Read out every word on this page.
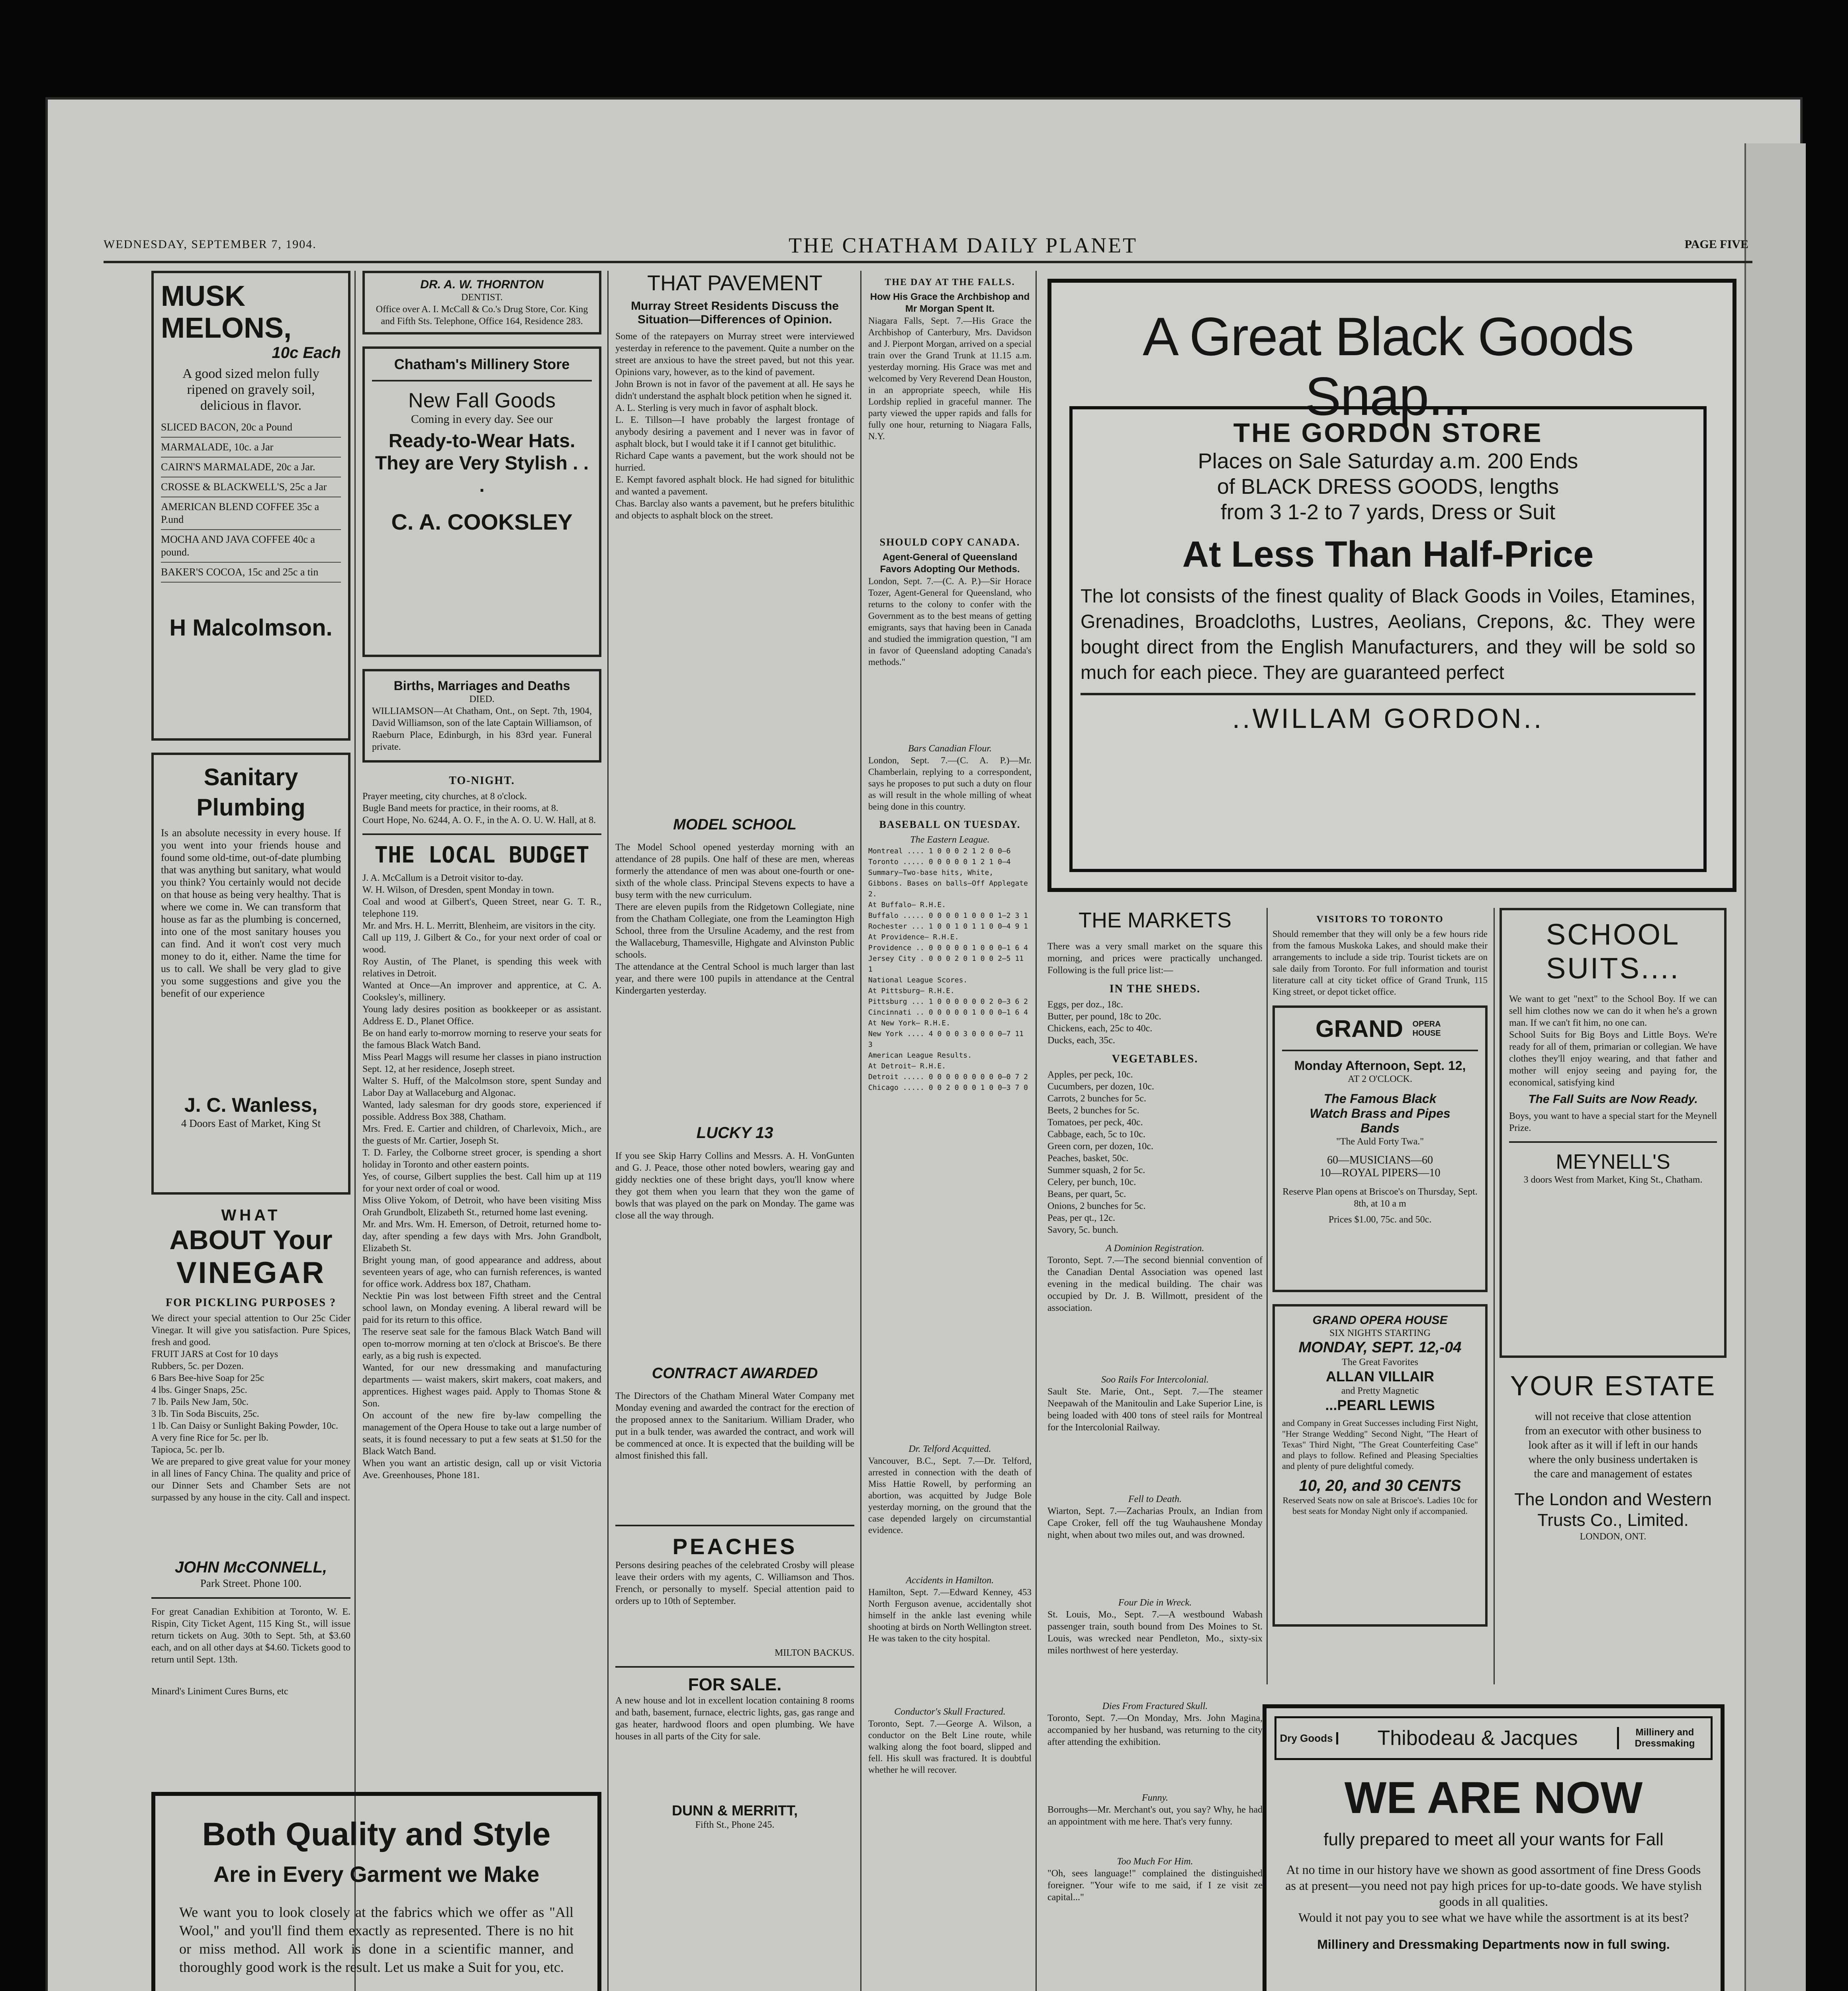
WEDNESDAY, SEPTEMBER 7, 1904.	THE CHATHAM DAILY PLANET	PAGE FIVE
MUSK MELONS,
10c Each
A good sized melon fully ripened on gravely soil, delicious in flavor.
SLICED BACON, 20c a Pound
MARMALADE, 10c. a Jar
CAIRN'S MARMALADE, 20c a Jar.
CROSSE & BLACKWELL'S, 25c a Jar
AMERICAN BLEND COFFEE 35c a P.und
MOCHA AND JAVA COFFEE 40c a pound.
BAKER'S COCOA, 15c and 25c a tin
H Malcolmson.
Sanitary Plumbing
Is an absolute necessity in every house. If you went into your friends house and found some old-time, out-of-date plumbing that was anything but sanitary, what would you think? You certainly would not decide on that house as being very healthy. That is where we come in. We can transform that house as far as the plumbing is concerned, into one of the most sanitary houses you can find. And it won't cost very much money to do it, either. Name the time for us to call. We shall be very glad to give you some suggestions and give you the benefit of our experience
J. C. Wanless,
4 Doors East of Market, King St
WHAT
ABOUT Your
VINEGAR
FOR PICKLING PURPOSES ?
We direct your special attention to Our 25c Cider Vinegar. It will give you satisfaction. Pure Spices, fresh and good.
FRUIT JARS at Cost for 10 days
Rubbers, 5c. per Dozen.
6 Bars Bee-hive Soap for 25c
4 lbs. Ginger Snaps, 25c.
7 lb. Pails New Jam, 50c.
3 lb. Tin Soda Biscuits, 25c.
1 lb. Can Daisy or Sunlight Baking Powder, 10c.
A very fine Rice for 5c. per lb.
Tapioca, 5c. per lb.
We are prepared to give great value for your money in all lines of Fancy China. The quality and price of our Dinner Sets and Chamber Sets are not surpassed by any house in the city. Call and inspect.
JOHN McCONNELL,
Park Street. Phone 100.
For great Canadian Exhibition at Toronto, W. E. Rispin, City Ticket Agent, 115 King St., will issue return tickets on Aug. 30th to Sept. 5th, at $3.60 each, and on all other days at $4.60. Tickets good to return until Sept. 13th.
Minard's Liniment Cures Burns, etc
Both Quality and Style
Are in Every Garment we Make
We want you to look closely at the fabrics which we offer as "All Wool," and you'll find them exactly as represented. There is no hit or miss method. All work is done in a scientific manner, and thoroughly good work is the result. Let us make a Suit for you, etc.
DR. A. W. THORNTON
DENTIST.
Office over A. I. McCall & Co.'s Drug Store, Cor. King and Fifth Sts. Telephone, Office 164, Residence 283.
Chatham's Millinery Store
New Fall Goods
Coming in every day. See our
Ready-to-Wear Hats. They are Very Stylish . . .
C. A. COOKSLEY
Births, Marriages and Deaths
DIED.
WILLIAMSON—At Chatham, Ont., on Sept. 7th, 1904, David Williamson, son of the late Captain Williamson, of Raeburn Place, Edinburgh, in his 83rd year. Funeral private.
TO-NIGHT.
Prayer meeting, city churches, at 8 o'clock.
Bugle Band meets for practice, in their rooms, at 8.
Court Hope, No. 6244, A. O. F., in the A. O. U. W. Hall, at 8.
THE LOCAL BUDGET
J. A. McCallum is a Detroit visitor to-day.
W. H. Wilson, of Dresden, spent Monday in town.
Coal and wood at Gilbert's, Queen Street, near G. T. R., telephone 119.
Mr. and Mrs. H. L. Merritt, Blenheim, are visitors in the city.
Call up 119, J. Gilbert & Co., for your next order of coal or wood.
Roy Austin, of The Planet, is spending this week with relatives in Detroit.
Wanted at Once—An improver and apprentice, at C. A. Cooksley's, millinery.
Young lady desires position as bookkeeper or as assistant. Address E. D., Planet Office.
Be on hand early to-morrow morning to reserve your seats for the famous Black Watch Band.
Miss Pearl Maggs will resume her classes in piano instruction Sept. 12, at her residence, Joseph street.
Walter S. Huff, of the Malcolmson store, spent Sunday and Labor Day at Wallaceburg and Algonac.
Wanted, lady salesman for dry goods store, experienced if possible. Address Box 388, Chatham.
Mrs. Fred. E. Cartier and children, of Charlevoix, Mich., are the guests of Mr. Cartier, Joseph St.
T. D. Farley, the Colborne street grocer, is spending a short holiday in Toronto and other eastern points.
Yes, of course, Gilbert supplies the best. Call him up at 119 for your next order of coal or wood.
Miss Olive Yokom, of Detroit, who have been visiting Miss Orah Grundbolt, Elizabeth St., returned home last evening.
Mr. and Mrs. Wm. H. Emerson, of Detroit, returned home to-day, after spending a few days with Mrs. John Grandbolt, Elizabeth St.
Bright young man, of good appearance and address, about seventeen years of age, who can furnish references, is wanted for office work. Address box 187, Chatham.
Necktie Pin was lost between Fifth street and the Central school lawn, on Monday evening. A liberal reward will be paid for its return to this office.
The reserve seat sale for the famous Black Watch Band will open to-morrow morning at ten o'clock at Briscoe's. Be there early, as a big rush is expected.
Wanted, for our new dressmaking and manufacturing departments — waist makers, skirt makers, coat makers, and apprentices. Highest wages paid. Apply to Thomas Stone & Son.
On account of the new fire by-law compelling the management of the Opera House to take out a large number of seats, it is found necessary to put a few seats at $1.50 for the Black Watch Band.
When you want an artistic design, call up or visit Victoria Ave. Greenhouses, Phone 181.
THAT PAVEMENT
Murray Street Residents Discuss the Situation—Differences of Opinion.
Some of the ratepayers on Murray street were interviewed yesterday in reference to the pavement. Quite a number on the street are anxious to have the street paved, but not this year. Opinions vary, however, as to the kind of pavement.
John Brown is not in favor of the pavement at all. He says he didn't understand the asphalt block petition when he signed it.
A. L. Sterling is very much in favor of asphalt block.
L. E. Tillson—I have probably the largest frontage of anybody desiring a pavement and I never was in favor of asphalt block, but I would take it if I cannot get bitulithic.
Richard Cape wants a pavement, but the work should not be hurried.
E. Kempt favored asphalt block. He had signed for bitulithic and wanted a pavement.
Chas. Barclay also wants a pavement, but he prefers bitulithic and objects to asphalt block on the street.
MODEL SCHOOL
The Model School opened yesterday morning with an attendance of 28 pupils. One half of these are men, whereas formerly the attendance of men was about one-fourth or one-sixth of the whole class. Principal Stevens expects to have a busy term with the new curriculum.
There are eleven pupils from the Ridgetown Collegiate, nine from the Chatham Collegiate, one from the Leamington High School, three from the Ursuline Academy, and the rest from the Wallaceburg, Thamesville, Highgate and Alvinston Public schools.
The attendance at the Central School is much larger than last year, and there were 100 pupils in attendance at the Central Kindergarten yesterday.
LUCKY 13
If you see Skip Harry Collins and Messrs. A. H. VonGunten and G. J. Peace, those other noted bowlers, wearing gay and giddy neckties one of these bright days, you'll know where they got them when you learn that they won the game of bowls that was played on the park on Monday. The game was close all the way through.
CONTRACT AWARDED
The Directors of the Chatham Mineral Water Company met Monday evening and awarded the contract for the erection of the proposed annex to the Sanitarium. William Drader, who put in a bulk tender, was awarded the contract, and work will be commenced at once. It is expected that the building will be almost finished this fall.
PEACHES
Persons desiring peaches of the celebrated Crosby will please leave their orders with my agents, C. Williamson and Thos. French, or personally to myself. Special attention paid to orders up to 10th of September.
MILTON BACKUS.
FOR SALE.
A new house and lot in excellent location containing 8 rooms and bath, basement, furnace, electric lights, gas, gas range and gas heater, hardwood floors and open plumbing. We have houses in all parts of the City for sale.
DUNN & MERRITT,
Fifth St., Phone 245.
THE DAY AT THE FALLS.
How His Grace the Archbishop and Mr Morgan Spent It.
Niagara Falls, Sept. 7.—His Grace the Archbishop of Canterbury, Mrs. Davidson and J. Pierpont Morgan, arrived on a special train over the Grand Trunk at 11.15 a.m. yesterday morning. His Grace was met and welcomed by Very Reverend Dean Houston, in an appropriate speech, while His Lordship replied in graceful manner. The party viewed the upper rapids and falls for fully one hour, returning to Niagara Falls, N.Y.
SHOULD COPY CANADA.
Agent-General of Queensland Favors Adopting Our Methods.
London, Sept. 7.—(C. A. P.)—Sir Horace Tozer, Agent-General for Queensland, who returns to the colony to confer with the Government as to the best means of getting emigrants, says that having been in Canada and studied the immigration question, "I am in favor of Queensland adopting Canada's methods."
Bars Canadian Flour.
London, Sept. 7.—(C. A. P.)—Mr. Chamberlain, replying to a correspondent, says he proposes to put such a duty on flour as will result in the whole milling of wheat being done in this country.
BASEBALL ON TUESDAY.
The Eastern League.
Montreal .... 1 0 0 0 2 1 2 0 0—6
Toronto ..... 0 0 0 0 0 1 2 1 0—4
Summary—Two-base hits, White, Gibbons. Bases on balls—Off Applegate 2.
At Buffalo— R.H.E.
Buffalo ..... 0 0 0 0 1 0 0 0 1—2 3 1
Rochester ... 1 0 0 1 0 1 1 0 0—4 9 1
At Providence— R.H.E.
Providence .. 0 0 0 0 0 1 0 0 0—1 6 4
Jersey City . 0 0 0 2 0 1 0 0 2—5 11 1
National League Scores.
At Pittsburg— R.H.E.
Pittsburg ... 1 0 0 0 0 0 0 2 0—3 6 2
Cincinnati .. 0 0 0 0 0 1 0 0 0—1 6 4
At New York— R.H.E.
New York .... 4 0 0 0 3 0 0 0 0—7 11 3
American League Results.
At Detroit— R.H.E.
Detroit ..... 0 0 0 0 0 0 0 0 0—0 7 2
Chicago ..... 0 0 2 0 0 0 1 0 0—3 7 0
Dr. Telford Acquitted.
Vancouver, B.C., Sept. 7.—Dr. Telford, arrested in connection with the death of Miss Hattie Rowell, by performing an abortion, was acquitted by Judge Bole yesterday morning, on the ground that the case depended largely on circumstantial evidence.
Accidents in Hamilton.
Hamilton, Sept. 7.—Edward Kenney, 453 North Ferguson avenue, accidentally shot himself in the ankle last evening while shooting at birds on North Wellington street. He was taken to the city hospital.
Conductor's Skull Fractured.
Toronto, Sept. 7.—George A. Wilson, a conductor on the Belt Line route, while walking along the foot board, slipped and fell. His skull was fractured. It is doubtful whether he will recover.
A Great Black Goods Snap...
THE GORDON STORE
Places on Sale Saturday a.m. 200 Ends
of BLACK DRESS GOODS, lengths
from 3 1-2 to 7 yards, Dress or Suit
At Less Than Half-Price
The lot consists of the finest quality of Black Goods in Voiles, Etamines, Grenadines, Broadcloths, Lustres, Aeolians, Crepons, &c. They were bought direct from the English Manufacturers, and they will be sold so much for each piece. They are guaranteed perfect
..WILLAM GORDON..
THE MARKETS
There was a very small market on the square this morning, and prices were practically unchanged. Following is the full price list:—
IN THE SHEDS.
Eggs, per doz., 18c.
Butter, per pound, 18c to 20c.
Chickens, each, 25c to 40c.
Ducks, each, 35c.
VEGETABLES.
Apples, per peck, 10c.
Cucumbers, per dozen, 10c.
Carrots, 2 bunches for 5c.
Beets, 2 bunches for 5c.
Tomatoes, per peck, 40c.
Cabbage, each, 5c to 10c.
Green corn, per dozen, 10c.
Peaches, basket, 50c.
Summer squash, 2 for 5c.
Celery, per bunch, 10c.
Beans, per quart, 5c.
Onions, 2 bunches for 5c.
Peas, per qt., 12c.
Savory, 5c. bunch.
A Dominion Registration.
Toronto, Sept. 7.—The second biennial convention of the Canadian Dental Association was opened last evening in the medical building. The chair was occupied by Dr. J. B. Willmott, president of the association.
Soo Rails For Intercolonial.
Sault Ste. Marie, Ont., Sept. 7.—The steamer Neepawah of the Manitoulin and Lake Superior Line, is being loaded with 400 tons of steel rails for Montreal for the Intercolonial Railway.
Fell to Death.
Wiarton, Sept. 7.—Zacharias Proulx, an Indian from Cape Croker, fell off the tug Wauhaushene Monday night, when about two miles out, and was drowned.
Four Die in Wreck.
St. Louis, Mo., Sept. 7.—A westbound Wabash passenger train, south bound from Des Moines to St. Louis, was wrecked near Pendleton, Mo., sixty-six miles northwest of here yesterday.
Dies From Fractured Skull.
Toronto, Sept. 7.—On Monday, Mrs. John Magina, accompanied by her husband, was returning to the city after attending the exhibition.
Funny.
Borroughs—Mr. Merchant's out, you say? Why, he had an appointment with me here. That's very funny.
Too Much For Him.
"Oh, sees language!" complained the distinguished foreigner. "Your wife to me said, if I ze visit ze capital..."
VISITORS TO TORONTO
Should remember that they will only be a few hours ride from the famous Muskoka Lakes, and should make their arrangements to include a side trip. Tourist tickets are on sale daily from Toronto. For full information and tourist literature call at city ticket office of Grand Trunk, 115 King street, or depot ticket office.
GRAND	OPERA HOUSE
Monday Afternoon, Sept. 12,
AT 2 O'CLOCK.
The Famous Black
Watch Brass and Pipes
Bands
"The Auld Forty Twa."
60—MUSICIANS—60
10—ROYAL PIPERS—10
Reserve Plan opens at Briscoe's on Thursday, Sept. 8th, at 10 a m
Prices $1.00, 75c. and 50c.
GRAND OPERA HOUSE
SIX NIGHTS STARTING
MONDAY, SEPT. 12,-04
The Great Favorites
ALLAN VILLAIR
and Pretty Magnetic
...PEARL LEWIS
and Company in Great Successes including First Night, "Her Strange Wedding" Second Night, "The Heart of Texas" Third Night, "The Great Counterfeiting Case" and plays to follow. Refined and Pleasing Specialties and plenty of pure delightful comedy.
10, 20, and 30 CENTS
Reserved Seats now on sale at Briscoe's. Ladies 10c for best seats for Monday Night only if accompanied.
SCHOOL
SUITS....
We want to get "next" to the School Boy. If we can sell him clothes now we can do it when he's a grown man. If we can't fit him, no one can.
School Suits for Big Boys and Little Boys. We're ready for all of them, primarian or collegian. We have clothes they'll enjoy wearing, and that father and mother will enjoy seeing and paying for, the economical, satisfying kind
The Fall Suits are Now Ready.
Boys, you want to have a special start for the Meynell Prize.
MEYNELL'S
3 doors West from Market, King St., Chatham.
YOUR ESTATE
will not receive that close attention from an executor with other business to look after as it will if left in our hands where the only business undertaken is the care and management of estates
The London and Western Trusts Co., Limited.
LONDON, ONT.
Dry Goods	Thibodeau & Jacques	Millinery and Dressmaking
WE ARE NOW
fully prepared to meet all your wants for Fall
At no time in our history have we shown as good assortment of fine Dress Goods as at present—you need not pay high prices for up-to-date goods. We have stylish goods in all qualities.
Would it not pay you to see what we have while the assortment is at its best?
Millinery and Dressmaking Departments now in full swing.
